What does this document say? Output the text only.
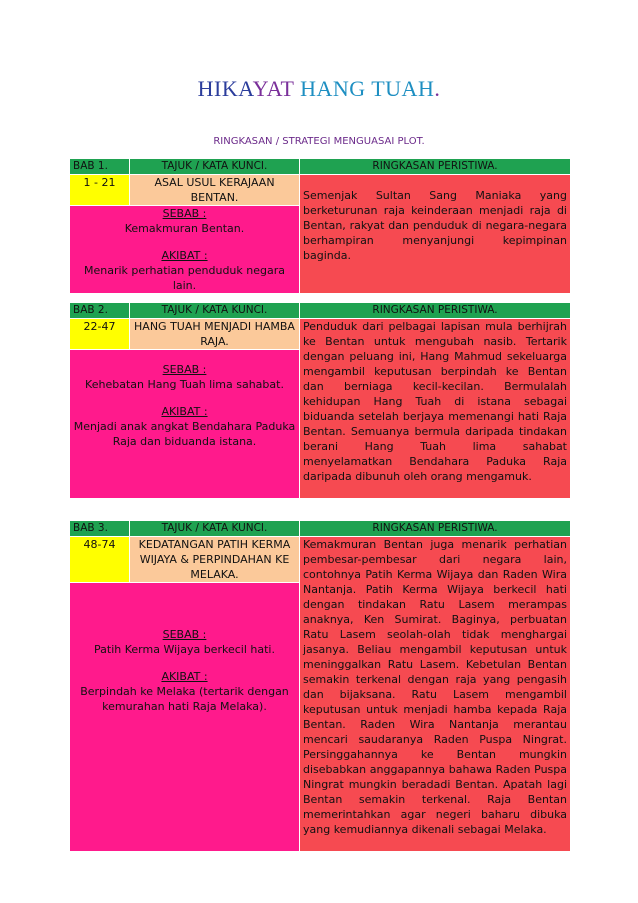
HIKAYAT HANG TUAH.
RINGKASAN / STRATEGI MENGUASAI PLOT.
BAB 1.	TAJUK / KATA KUNCI.	RINGKASAN PERISTIWA.
1 - 21	ASAL USUL KERAJAAN BENTAN.	Semenjak Sultan Sang Maniaka yang berketurunan raja keinderaan menjadi raja di Bentan, rakyat dan penduduk di negara-negara berhampiran menyanjungi kepimpinan baginda.

SEBAB :
Kemakmuran Bentan.
AKIBAT :
Menarik perhatian penduduk negara lain.		
BAB 2.	TAJUK / KATA KUNCI.	RINGKASAN PERISTIWA.
22-47	HANG TUAH MENJADI HAMBA RAJA.	Penduduk dari pelbagai lapisan mula berhijrah ke Bentan untuk mengubah nasib. Tertarik dengan peluang ini, Hang Mahmud sekeluarga mengambil keputusan berpindah ke Bentan dan berniaga kecil-kecilan. Bermulalah kehidupan Hang Tuah di istana sebagai biduanda setelah berjaya memenangi hati Raja Bentan. Semuanya bermula daripada tindakan berani Hang Tuah lima sahabat menyelamatkan Bendahara Paduka Raja daripada dibunuh oleh orang mengamuk.

SEBAB :
Kehebatan Hang Tuah lima sahabat.
AKIBAT :
Menjadi anak angkat Bendahara Paduka Raja dan biduanda istana.		
BAB 3.	TAJUK / KATA KUNCI.	RINGKASAN PERISTIWA.
48-74	KEDATANGAN PATIH KERMA WIJAYA & PERPINDAHAN KE MELAKA.	Kemakmuran Bentan juga menarik perhatian pembesar-pembesar dari negara lain, contohnya Patih Kerma Wijaya dan Raden Wira Nantanja. Patih Kerma Wijaya berkecil hati dengan tindakan Ratu Lasem merampas anaknya, Ken Sumirat. Baginya, perbuatan Ratu Lasem seolah-olah tidak menghargai jasanya. Beliau mengambil keputusan untuk meninggalkan Ratu Lasem. Kebetulan Bentan semakin terkenal dengan raja yang pengasih dan bijaksana. Ratu Lasem mengambil keputusan untuk menjadi hamba kepada Raja Bentan. Raden Wira Nantanja merantau mencari saudaranya Raden Puspa Ningrat. Persinggahannya ke Bentan mungkin disebabkan anggapannya bahawa Raden Puspa Ningrat mungkin beradadi Bentan. Apatah lagi Bentan semakin terkenal. Raja Bentan memerintahkan agar negeri baharu dibuka yang kemudiannya dikenali sebagai Melaka.

SEBAB :
Patih Kerma Wijaya berkecil hati.
AKIBAT :
Berpindah ke Melaka (tertarik dengan kemurahan hati Raja Melaka).		
